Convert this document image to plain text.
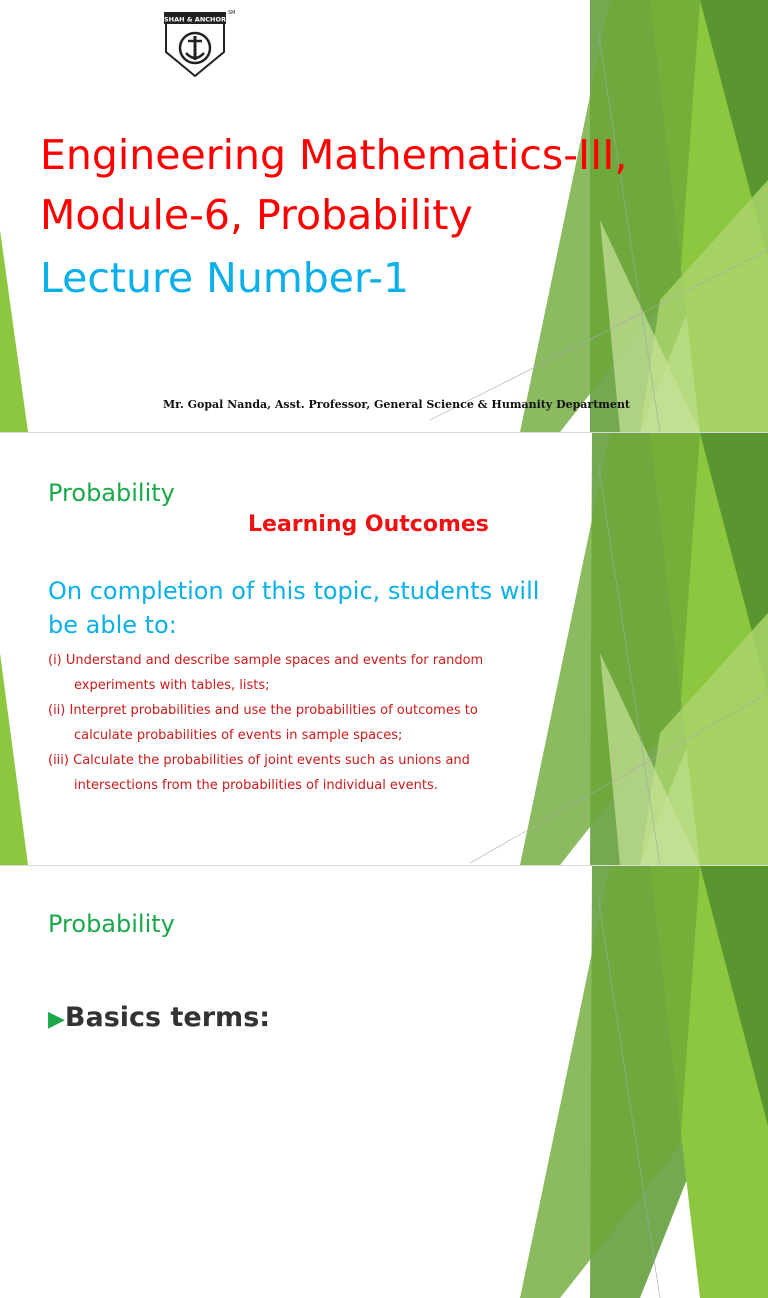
SHAH & ANCHOR
SM
Engineering Mathematics-III,
Module-6, Probability
Lecture Number-1
Mr. Gopal Nanda, Asst. Professor, General Science & Humanity Department
Probability
Learning Outcomes
On completion of this topic, students will be able to:
(i) Understand and describe sample spaces and events for random
experiments with tables, lists;
(ii) Interpret probabilities and use the probabilities of outcomes to
calculate probabilities of events in sample spaces;
(iii) Calculate the probabilities of joint events such as unions and
intersections from the probabilities of individual events.
Probability
▶Basics terms:
